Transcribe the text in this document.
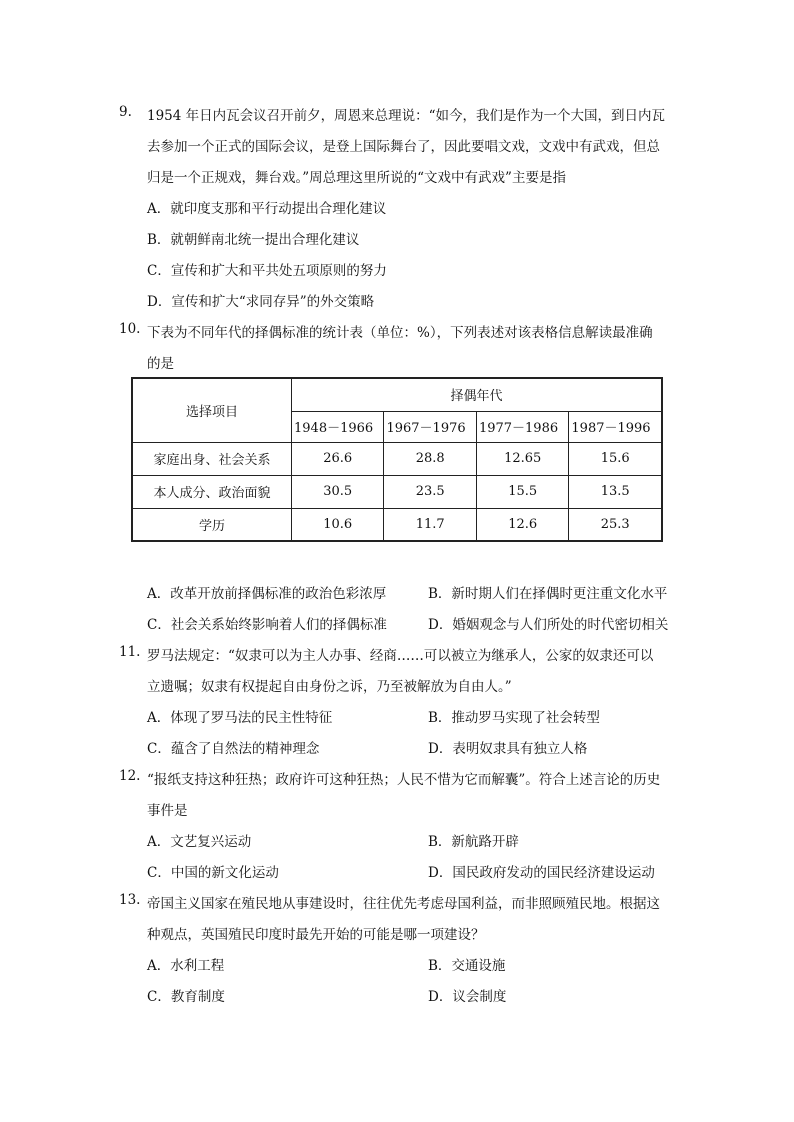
9. 1954 年日内瓦会议召开前夕，周恩来总理说：“如今，我们是作为一个大国，到日内瓦
去参加一个正式的国际会议，是登上国际舞台了，因此要唱文戏，文戏中有武戏，但总
归是一个正规戏，舞台戏。”周总理这里所说的“文戏中有武戏”主要是指
A．就印度支那和平行动提出合理化建议
B．就朝鲜南北统一提出合理化建议
C．宣传和扩大和平共处五项原则的努力
D．宣传和扩大“求同存异”的外交策略
10. 下表为不同年代的择偶标准的统计表（单位：%），下列表述对该表格信息解读最准确
的是
选择项目	择偶年代			
	1948－1966	1967－1976	1977－1986	1987－1996
家庭出身、社会关系	26.6	28.8	12.65	15.6
本人成分、政治面貌	30.5	23.5	15.5	13.5
学历	10.6	11.7	12.6	25.3
A．改革开放前择偶标准的政治色彩浓厚	B．新时期人们在择偶时更注重文化水平
C．社会关系始终影响着人们的择偶标准	D．婚姻观念与人们所处的时代密切相关
11. 罗马法规定：“奴隶可以为主人办事、经商……可以被立为继承人，公家的奴隶还可以
立遗嘱；奴隶有权提起自由身份之诉，乃至被解放为自由人。”
A．体现了罗马法的民主性特征	B．推动罗马实现了社会转型
C．蕴含了自然法的精神理念	D．表明奴隶具有独立人格
12. “报纸支持这种狂热；政府许可这种狂热；人民不惜为它而解囊”。符合上述言论的历史
事件是
A．文艺复兴运动	B．新航路开辟
C．中国的新文化运动	D．国民政府发动的国民经济建设运动
13. 帝国主义国家在殖民地从事建设时，往往优先考虑母国利益，而非照顾殖民地。根据这
种观点，英国殖民印度时最先开始的可能是哪一项建设？
A．水利工程	B．交通设施
C．教育制度	D．议会制度
